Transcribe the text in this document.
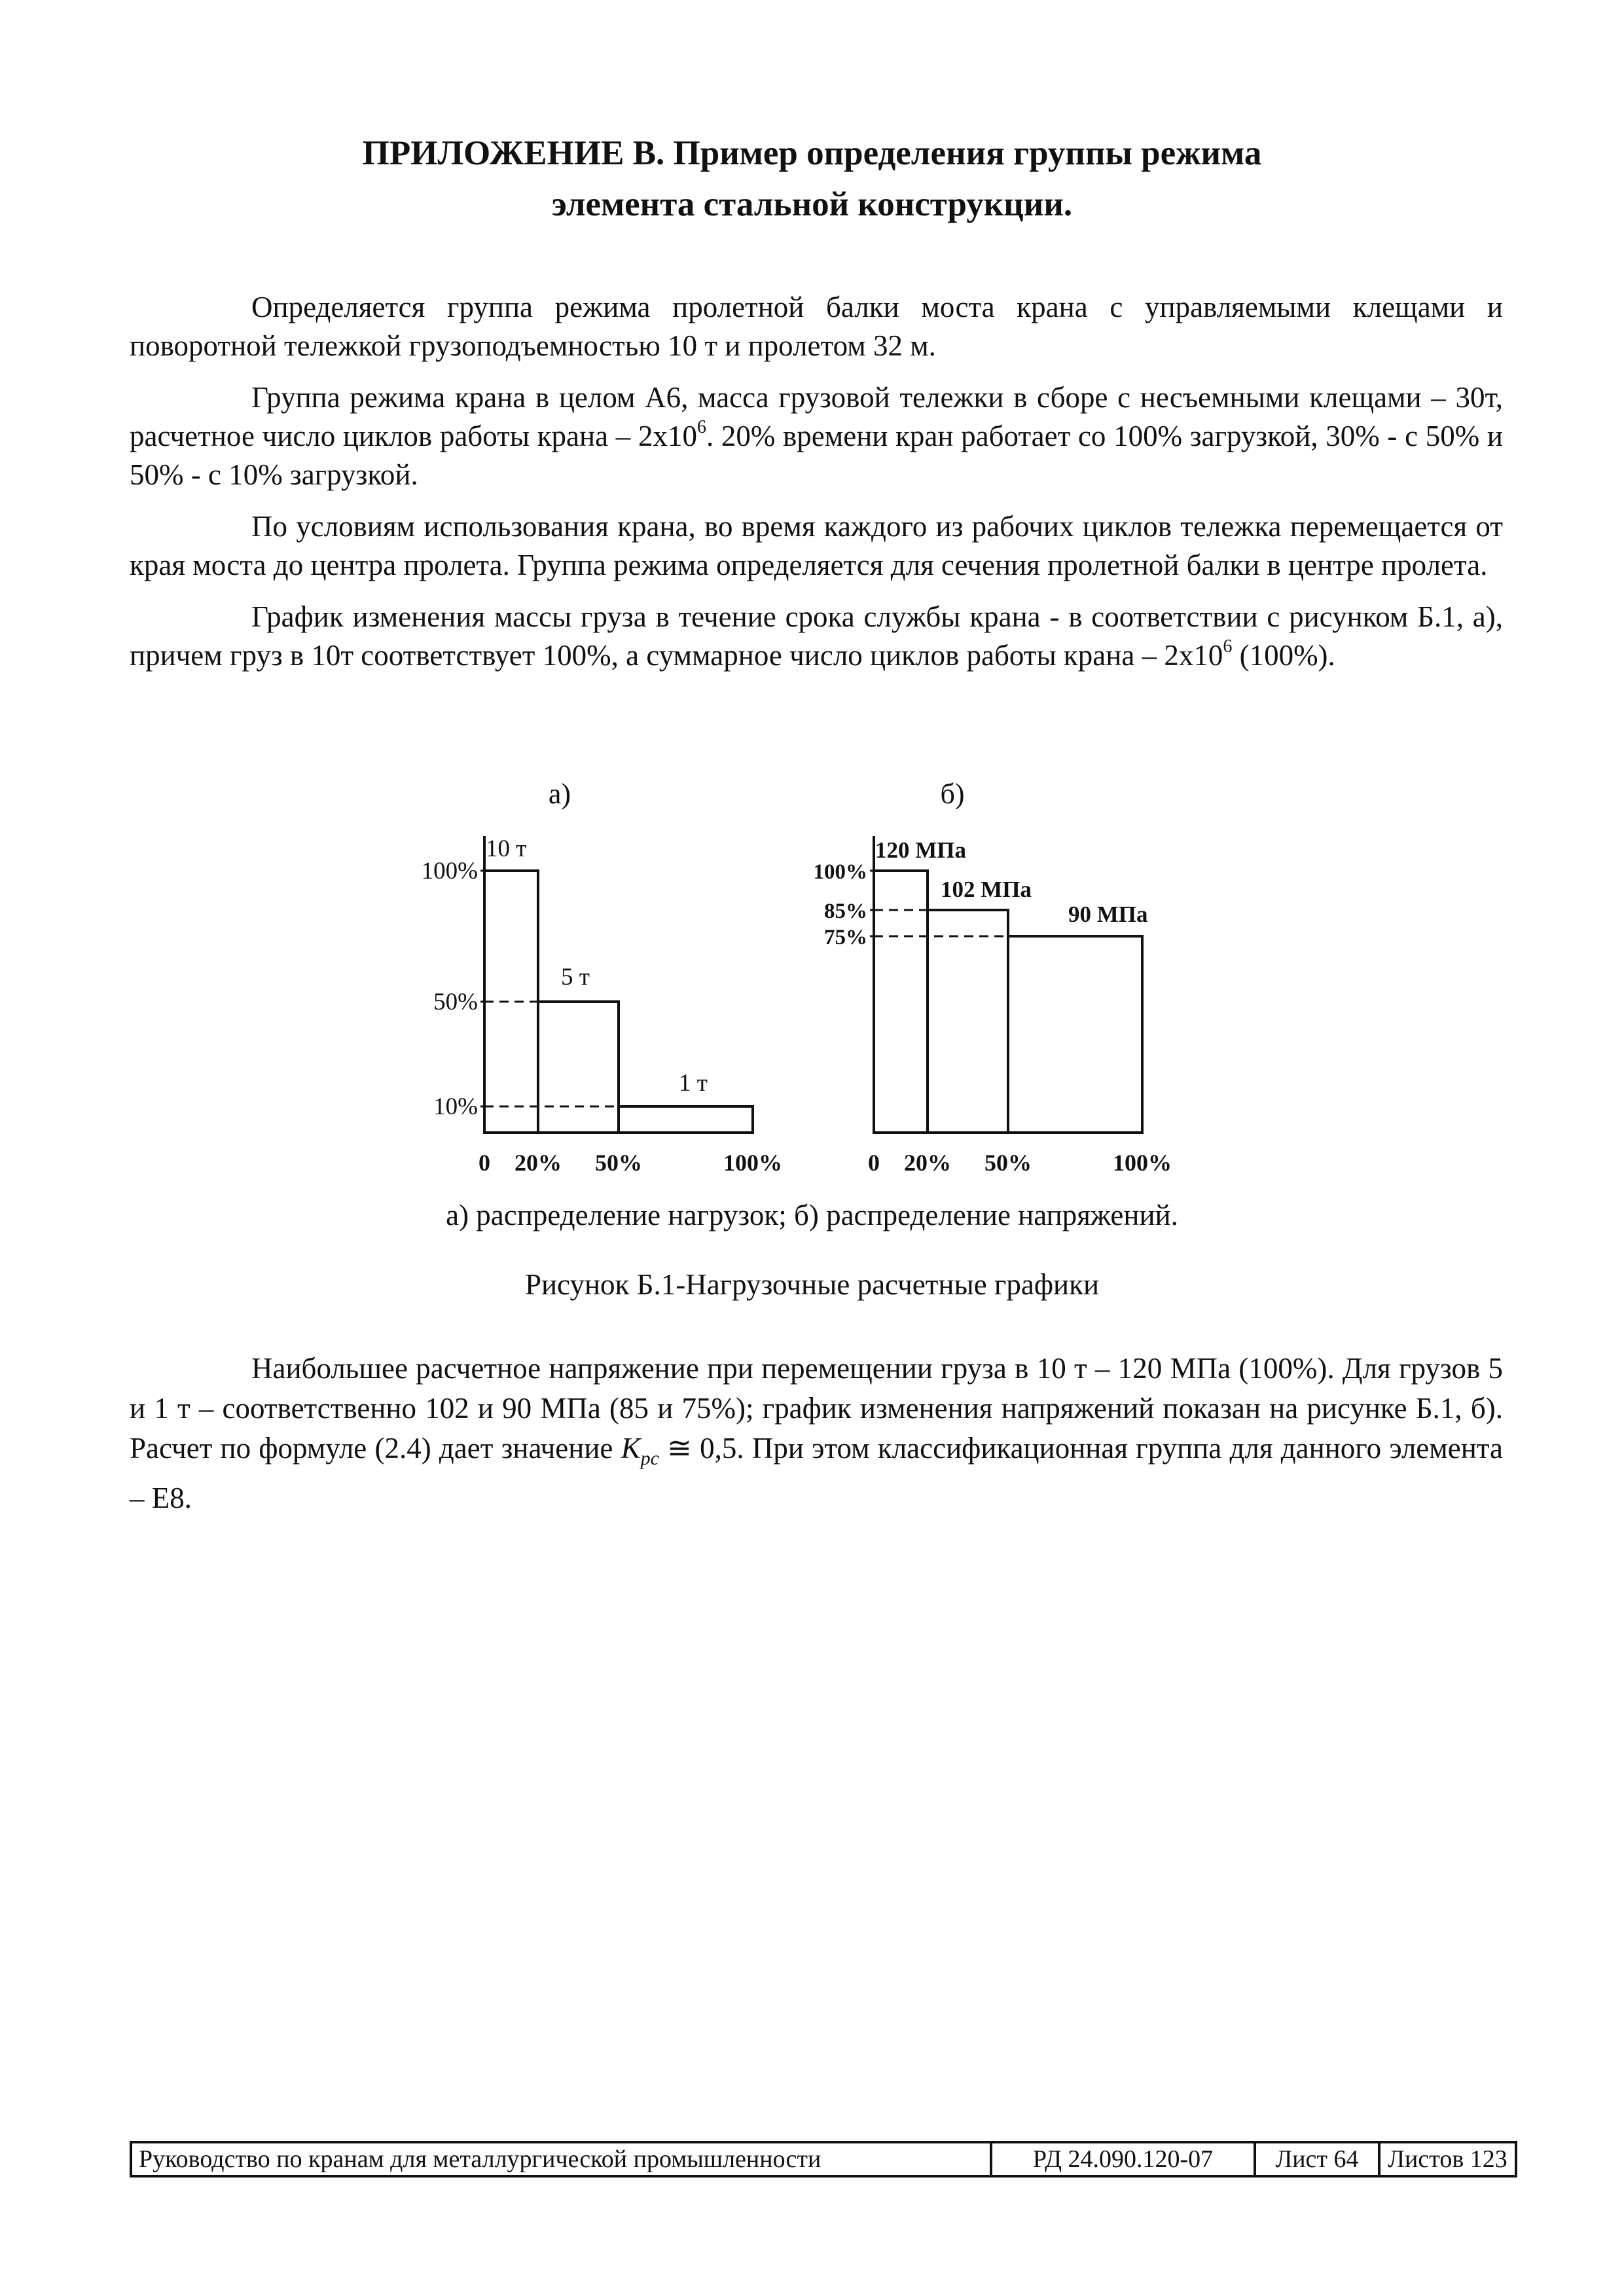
ПРИЛОЖЕНИЕ В. Пример определения группы режима
элемента стальной конструкции.

Определяется группа режима пролетной балки моста крана с управляемыми клещами и поворотной тележкой грузоподъемностью 10 т и пролетом 32 м.

Группа режима крана в целом А6, масса грузовой тележки в сборе с несъемными клещами – 30т, расчетное число циклов работы крана – $2x10^6$. 20% времени кран работает со 100% загрузкой, 30% - с 50% и 50% - с 10% загрузкой.

По условиям использования крана, во время каждого из рабочих циклов тележка перемещается от края моста до центра пролета. Группа режима определяется для сечения пролетной балки в центре пролета.

График изменения массы груза в течение срока службы крана - в соответствии с рисунком Б.1, а), причем груз в 10т соответствует 100%, а суммарное число циклов работы крана – $2x10^6$ (100%).

а)
10 т
5 т
1 т
100%
50%
10%
0 20% 50%	100%
б)
120 МПа
102 МПа
90 МПа
100%
85%
75%
0 20% 50%	100%
а) распределение нагрузок; б) распределение напряжений.
Рисунок Б.1-Нагрузочные расчетные графики

Наибольшее расчетное напряжение при перемещении груза в 10 т – 120 МПа (100%). Для грузов 5 и 1 т – соответственно 102 и 90 МПа (85 и 75%); график изменения напряжений показан на рисунке Б.1, б). Расчет по формуле (2.4) дает значение $K_{рс}$ ≅ 0,5. При этом классификационная группа для данного элемента – Е8.

Руководство по кранам для металлургической промышленности	РД 24.090.120-07	Лист 64	Листов 123
